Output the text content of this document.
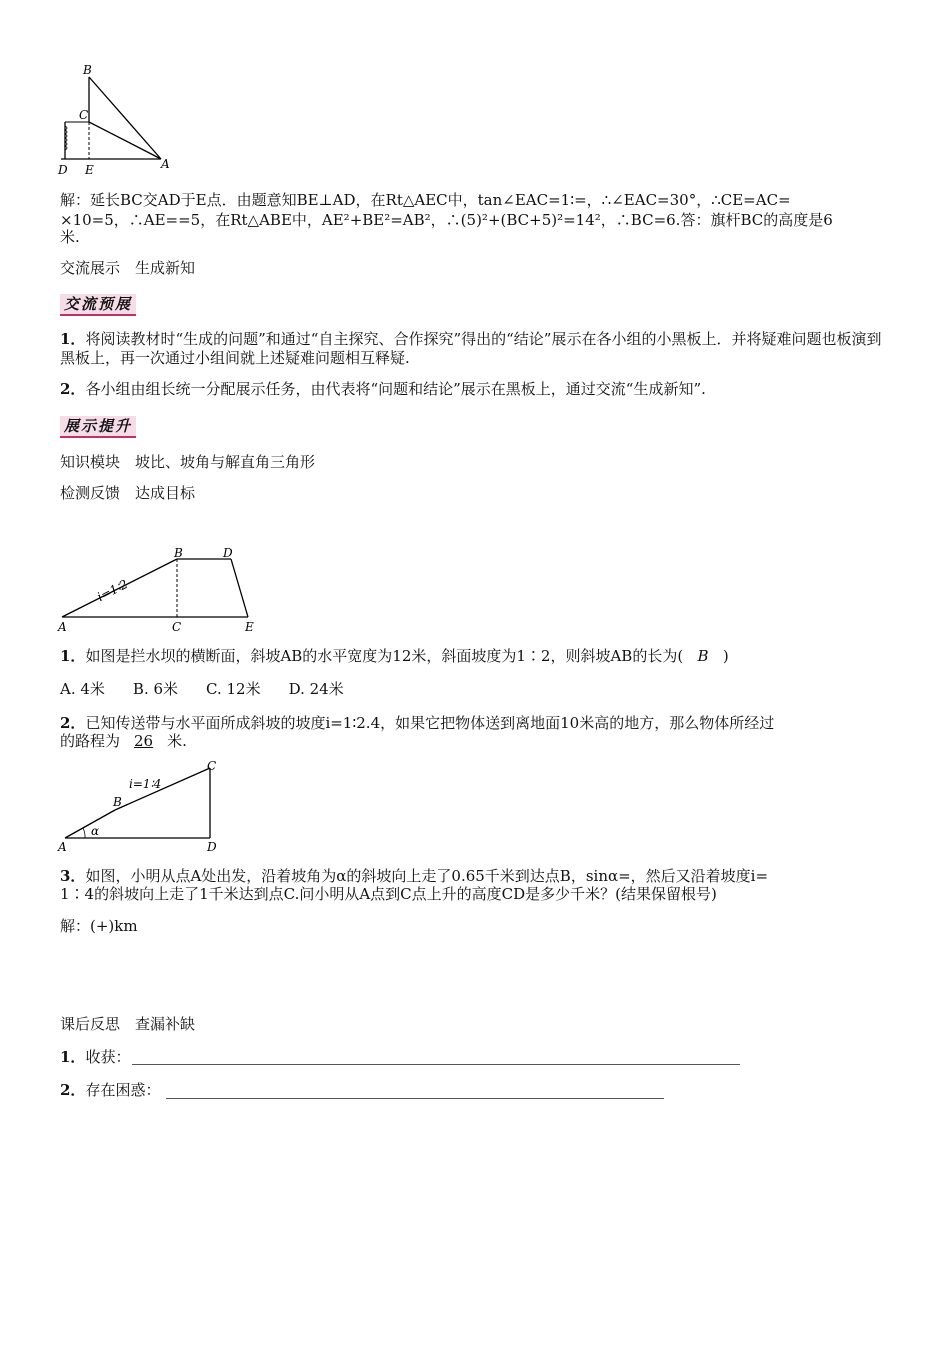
B
C
D E	A
解：延长BC交AD于E点．由题意知BE⊥AD，在Rt△AEC中，tan∠EAC=1∶=，∴∠EAC=30°，∴CE=AC=
×10=5，∴AE==5，在Rt△ABE中，AE²+BE²=AB²，∴(5)²+(BC+5)²=14²，∴BC=6.答：旗杆BC的高度是6
米.
交流展示　生成新知
交流预展
1．将阅读教材时“生成的问题”和通过“自主探究、合作探究”得出的“结论”展示在各小组的小黑板上．并将疑难问题也板演到黑板上，再一次通过小组间就上述疑难问题相互释疑.
2．各小组由组长统一分配展示任务，由代表将“问题和结论”展示在黑板上，通过交流“生成新知”.
展示提升
知识模块　坡比、坡角与解直角三角形
检测反馈　达成目标
i=1∶2
B	D
A	C	E
1．如图是拦水坝的横断面，斜坡AB的水平宽度为12米，斜面坡度为1∶2，则斜坡AB的长为( B )
A. 4米 B. 6米 C. 12米 D. 24米
2．已知传送带与水平面所成斜坡的坡度i=1∶2.4，如果它把物体送到离地面10米高的地方，那么物体所经过
的路程为 26 米.
α
i=1∶4
C
B
A	D
3．如图，小明从点A处出发，沿着坡角为α的斜坡向上走了0.65千米到达点B，sinα=，然后又沿着坡度i=
1∶4的斜坡向上走了1千米达到点C.问小明从A点到C点上升的高度CD是多少千米？(结果保留根号)
解：(+)km
课后反思　查漏补缺
1．收获：
2．存在困惑：
